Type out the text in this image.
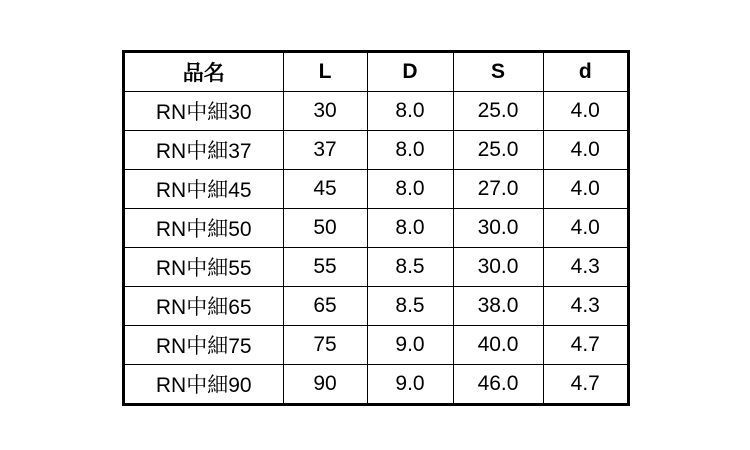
品名	L	D	S	d
RN中細30	30	8.0	25.0	4.0
RN中細37	37	8.0	25.0	4.0
RN中細45	45	8.0	27.0	4.0
RN中細50	50	8.0	30.0	4.0
RN中細55	55	8.5	30.0	4.3
RN中細65	65	8.5	38.0	4.3
RN中細75	75	9.0	40.0	4.7
RN中細90	90	9.0	46.0	4.7
